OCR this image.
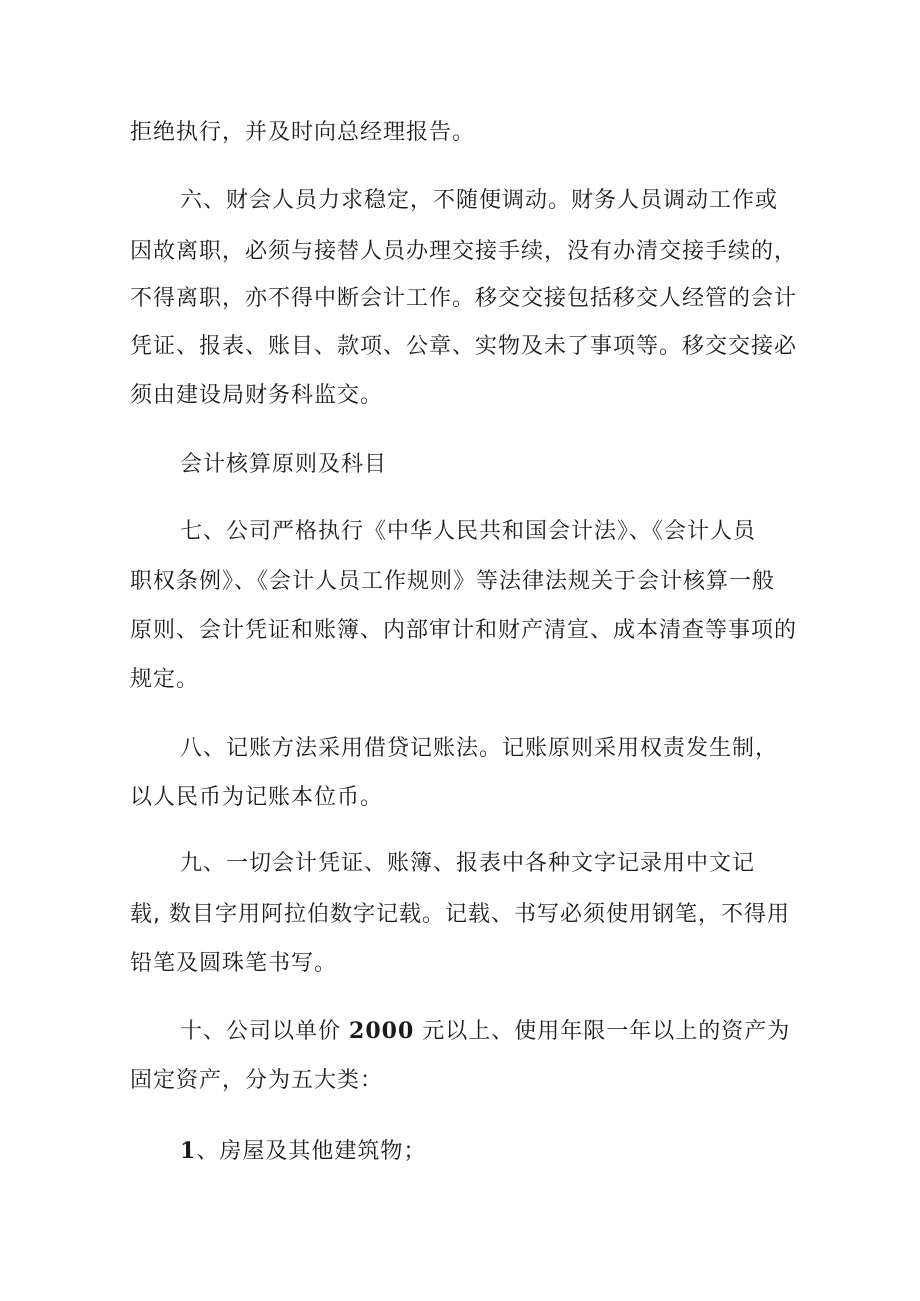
拒绝执行，并及时向总经理报告。
六、财会人员力求稳定，不随便调动。财务人员调动工作或
因故离职，必须与接替人员办理交接手续，没有办清交接手续的，
不得离职，亦不得中断会计工作。移交交接包括移交人经管的会计
凭证、报表、账目、款项、公章、实物及未了事项等。移交交接必
须由建设局财务科监交。
会计核算原则及科目
七、公司严格执行《中华人民共和国会计法》、《会计人员
职权条例》、《会计人员工作规则》等法律法规关于会计核算一般
原则、会计凭证和账簿、内部审计和财产清宣、成本清查等事项的
规定。
八、记账方法采用借贷记账法。记账原则采用权责发生制，
以人民币为记账本位币。
九、一切会计凭证、账簿、报表中各种文字记录用中文记
载, 数目字用阿拉伯数字记载。记载、书写必须使用钢笔，不得用
铅笔及圆珠笔书写。
十、公司以单价 2000 元以上、使用年限一年以上的资产为
固定资产，分为五大类：
1、房屋及其他建筑物；
